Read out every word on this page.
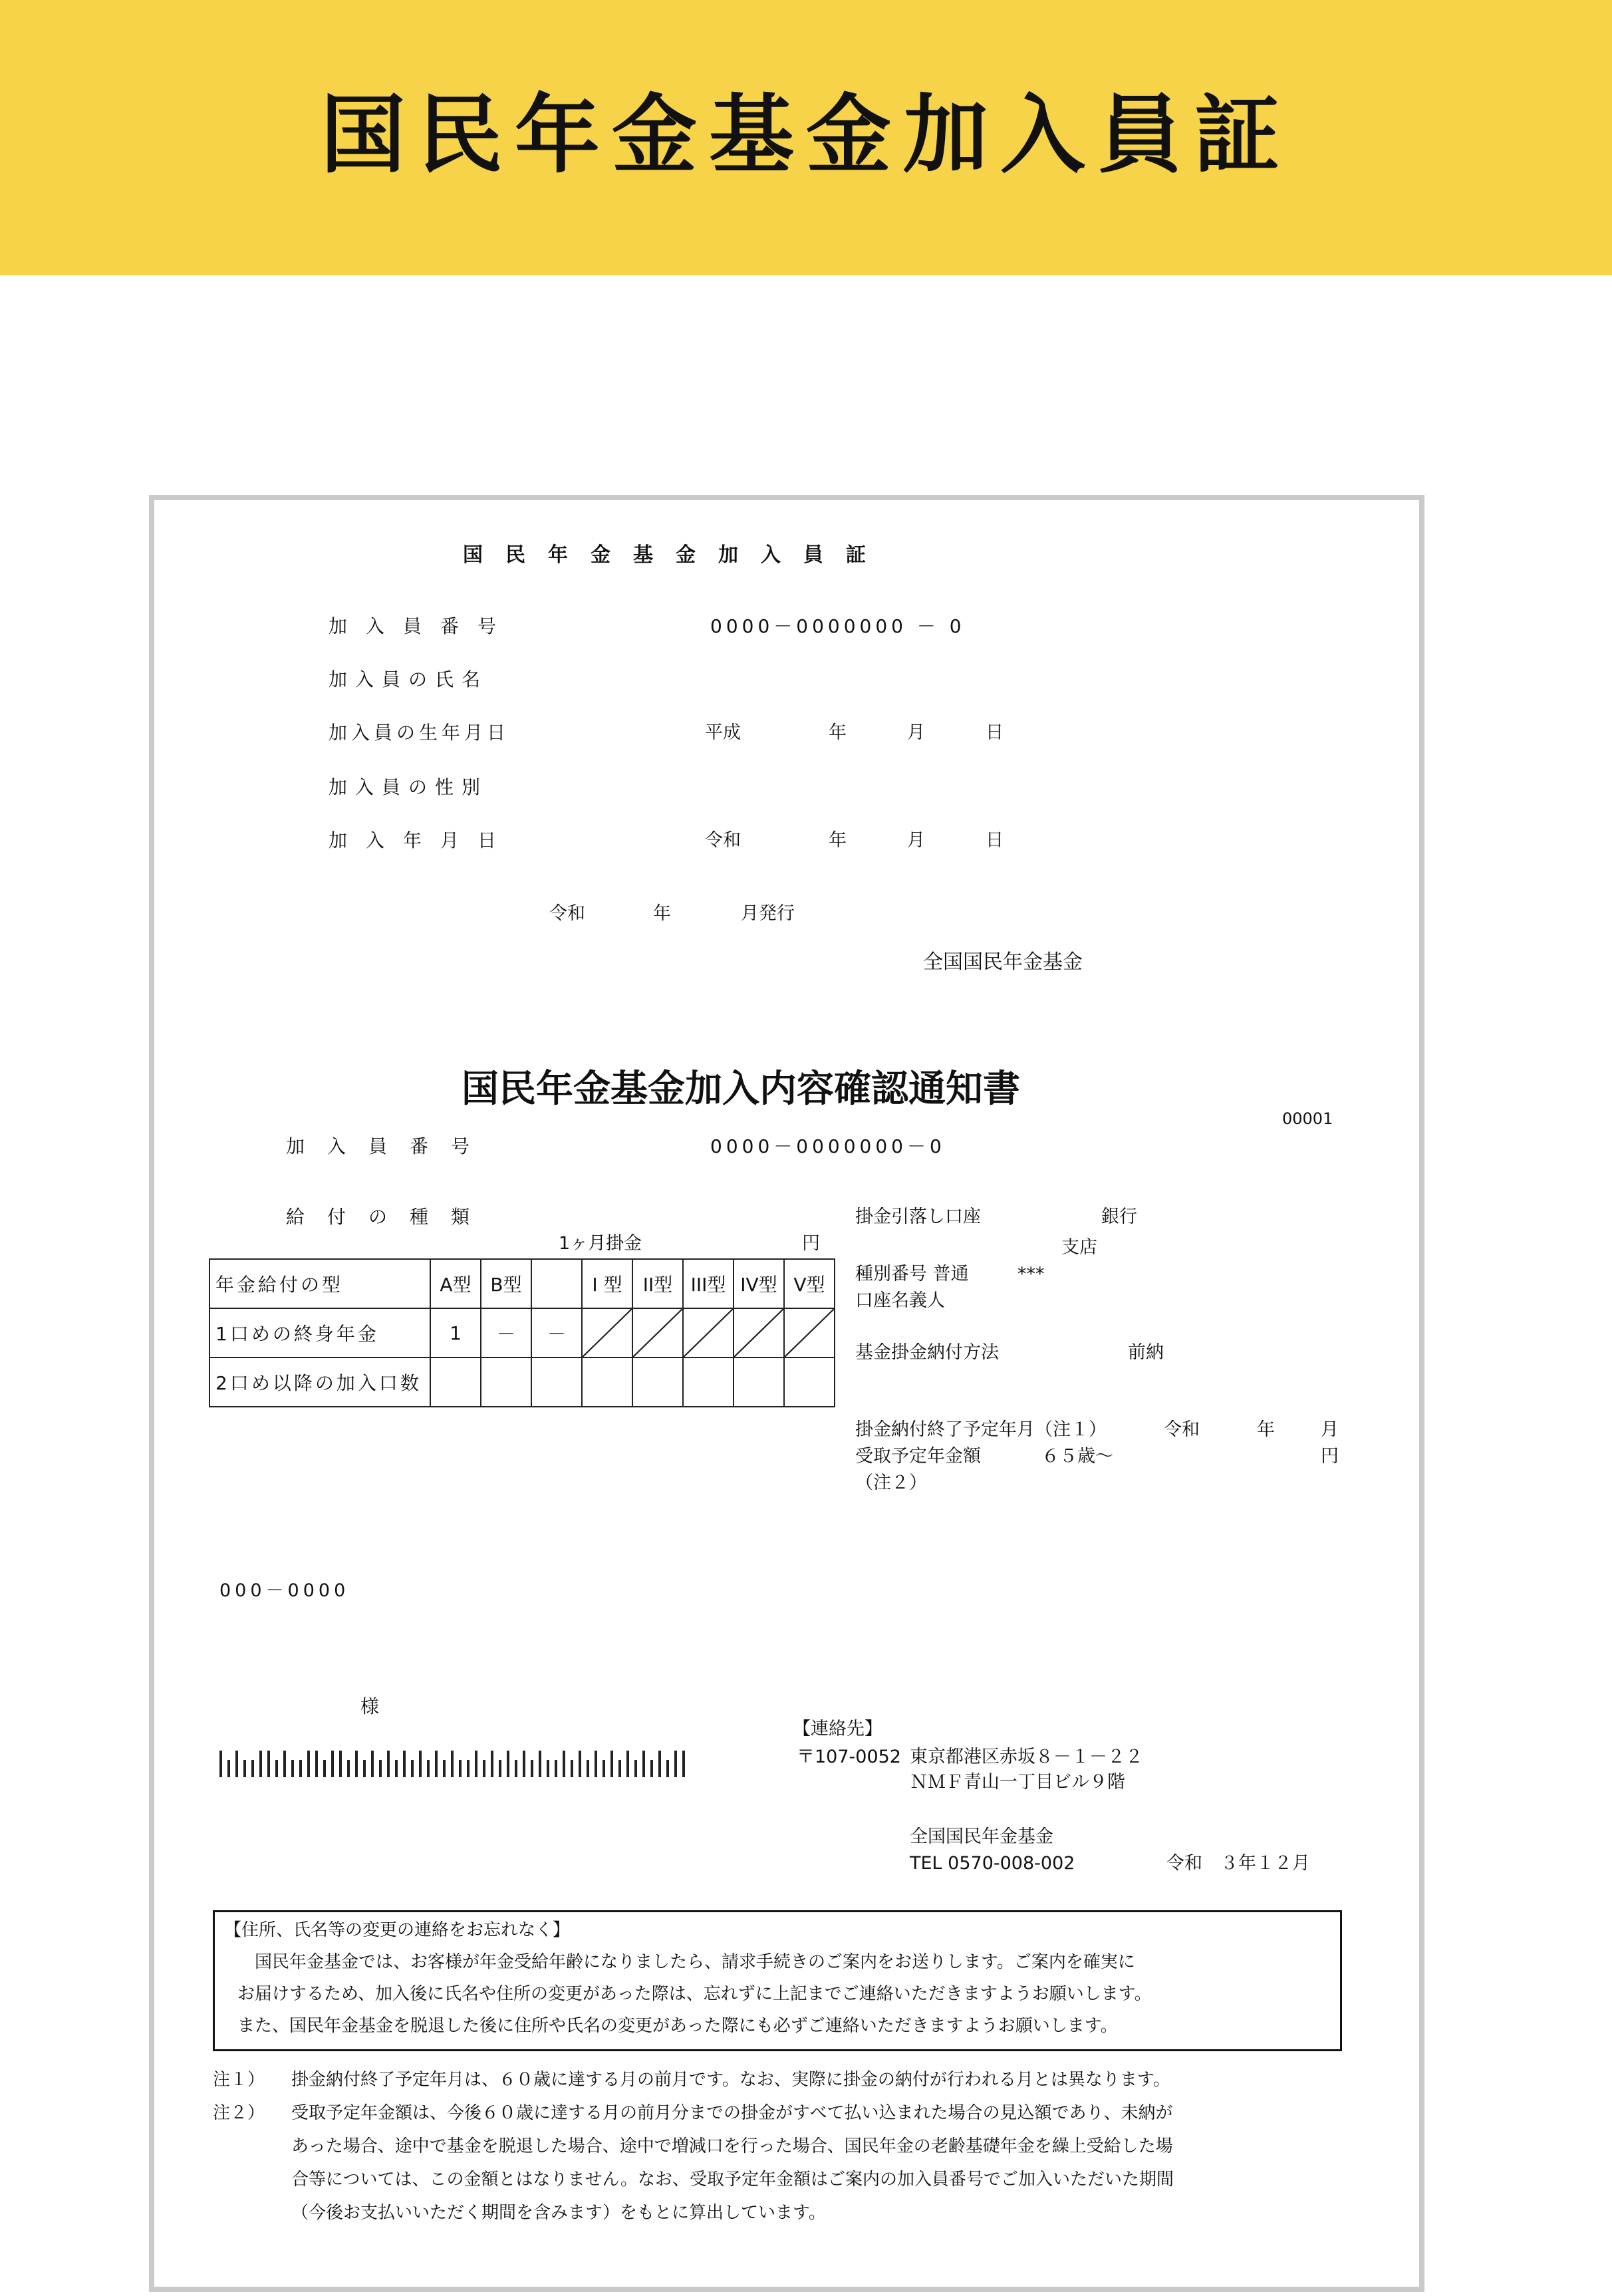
国民年金基金加入員証
国民年金基金加入員証
加入員番号	0000－0000000 － 0
加入員の氏名
加入員の生年月日	平成	年	月	日
加入員の性別
加入年月日	令和	年	月	日
令和	年	月発行
全国国民年金基金
国民年金基金加入内容確認通知書
00001
加入員番号	0000－0000000－0
給付の種類
1ヶ月掛金	円
年金給付の型	A型	B型		I 型	II型	III型	IV型	V型
1口めの終身年金	1	－	－	

2口め以降の加入口数								
掛金引落し口座	銀行
支店
種別番号 普通	***
口座名義人
基金掛金納付方法	前納
掛金納付終了予定年月（注１）	令和	年	月
受取予定年金額	６５歳～	円
（注２）
000－0000
様
【連絡先】
〒107-0052 東京都港区赤坂８－１－２２
ＮＭＦ青山一丁目ビル９階
全国国民年金基金
TEL 0570-008-002	令和　３年１２月
【住所、氏名等の変更の連絡をお忘れなく】
国民年金基金では、お客様が年金受給年齢になりましたら、請求手続きのご案内をお送りします。ご案内を確実に
お届けするため、加入後に氏名や住所の変更があった際は、忘れずに上記までご連絡いただきますようお願いします。
また、国民年金基金を脱退した後に住所や氏名の変更があった際にも必ずご連絡いただきますようお願いします。
注１） 掛金納付終了予定年月は、６０歳に達する月の前月です。なお、実際に掛金の納付が行われる月とは異なります。
注２） 受取予定年金額は、今後６０歳に達する月の前月分までの掛金がすべて払い込まれた場合の見込額であり、未納が
あった場合、途中で基金を脱退した場合、途中で増減口を行った場合、国民年金の老齢基礎年金を繰上受給した場
合等については、この金額とはなりません。なお、受取予定年金額はご案内の加入員番号でご加入いただいた期間
（今後お支払いいただく期間を含みます）をもとに算出しています。
